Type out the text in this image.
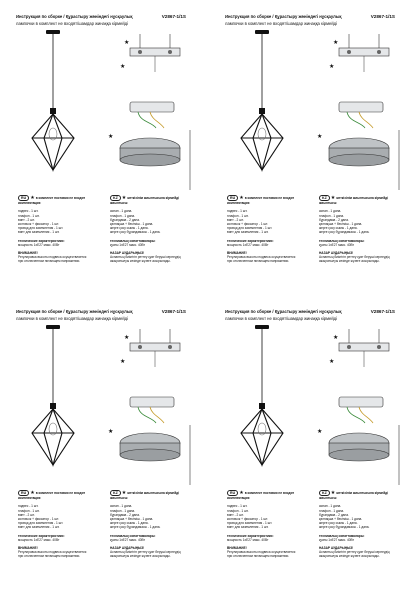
Инструкция по сборке / Құрастыру жөніндегі нұсқаулық	V2867-1/1S
лампочки в комплект не входят/шамдар жинаққа кірмейді
★
★
★
RU ★в комплект поставки не входит
комплектация:
подвес - 1 шт.
плафон - 1 шт.
винт - 2 шт.
колпачок + фиксатор - 1 шт.
провод для заземления - 1 шт.
винт для заземления - 1 шт.
технические характеристики:
мощность 1xE27 макс. 40Вт
ВНИМАНИЕ!
Регулировка высоты подвеса осуществляется
при отключенном питающем напряжении.
KZ ★жеткізілім жиынтығына кірмейді
жиынтығы:
аспап - 1 дана.
плафон - 1 дана.
бұрандама - 2 дана.
қалпақша + бекіткіш - 1 дана.
жерге қосу сымы - 1 дана.
жерге қосу бұрандамасы - 1 дана.
техникалық сипаттамалары:
қуаты 1xE27 макс. 40Вт
НАЗАР АУДАРЫҢЫЗ!
Аспаптың биіктігін реттеу қуат берушi кернеудің
ажыратылуы кезінде жүзеге асырылады.
Инструкция по сборке / Құрастыру жөніндегі нұсқаулық	V2867-1/1S
лампочки в комплект не входят/шамдар жинаққа кірмейді
★
★
★
RU ★в комплект поставки не входит
комплектация:
подвес - 1 шт.
плафон - 1 шт.
винт - 2 шт.
колпачок + фиксатор - 1 шт.
провод для заземления - 1 шт.
винт для заземления - 1 шт.
технические характеристики:
мощность 1xE27 макс. 40Вт
ВНИМАНИЕ!
Регулировка высоты подвеса осуществляется
при отключенном питающем напряжении.
KZ ★жеткізілім жиынтығына кірмейді
жиынтығы:
аспап - 1 дана.
плафон - 1 дана.
бұрандама - 2 дана.
қалпақша + бекіткіш - 1 дана.
жерге қосу сымы - 1 дана.
жерге қосу бұрандамасы - 1 дана.
техникалық сипаттамалары:
қуаты 1xE27 макс. 40Вт
НАЗАР АУДАРЫҢЫЗ!
Аспаптың биіктігін реттеу қуат берушi кернеудің
ажыратылуы кезінде жүзеге асырылады.
Инструкция по сборке / Құрастыру жөніндегі нұсқаулық	V2867-1/1S
лампочки в комплект не входят/шамдар жинаққа кірмейді
★
★
★
RU ★в комплект поставки не входит
комплектация:
подвес - 1 шт.
плафон - 1 шт.
винт - 2 шт.
колпачок + фиксатор - 1 шт.
провод для заземления - 1 шт.
винт для заземления - 1 шт.
технические характеристики:
мощность 1xE27 макс. 40Вт
ВНИМАНИЕ!
Регулировка высоты подвеса осуществляется
при отключенном питающем напряжении.
KZ ★жеткізілім жиынтығына кірмейді
жиынтығы:
аспап - 1 дана.
плафон - 1 дана.
бұрандама - 2 дана.
қалпақша + бекіткіш - 1 дана.
жерге қосу сымы - 1 дана.
жерге қосу бұрандамасы - 1 дана.
техникалық сипаттамалары:
қуаты 1xE27 макс. 40Вт
НАЗАР АУДАРЫҢЫЗ!
Аспаптың биіктігін реттеу қуат берушi кернеудің
ажыратылуы кезінде жүзеге асырылады.
Инструкция по сборке / Құрастыру жөніндегі нұсқаулық	V2867-1/1S
лампочки в комплект не входят/шамдар жинаққа кірмейді
★
★
★
RU ★в комплект поставки не входит
комплектация:
подвес - 1 шт.
плафон - 1 шт.
винт - 2 шт.
колпачок + фиксатор - 1 шт.
провод для заземления - 1 шт.
винт для заземления - 1 шт.
технические характеристики:
мощность 1xE27 макс. 40Вт
ВНИМАНИЕ!
Регулировка высоты подвеса осуществляется
при отключенном питающем напряжении.
KZ ★жеткізілім жиынтығына кірмейді
жиынтығы:
аспап - 1 дана.
плафон - 1 дана.
бұрандама - 2 дана.
қалпақша + бекіткіш - 1 дана.
жерге қосу сымы - 1 дана.
жерге қосу бұрандамасы - 1 дана.
техникалық сипаттамалары:
қуаты 1xE27 макс. 40Вт
НАЗАР АУДАРЫҢЫЗ!
Аспаптың биіктігін реттеу қуат берушi кернеудің
ажыратылуы кезінде жүзеге асырылады.
